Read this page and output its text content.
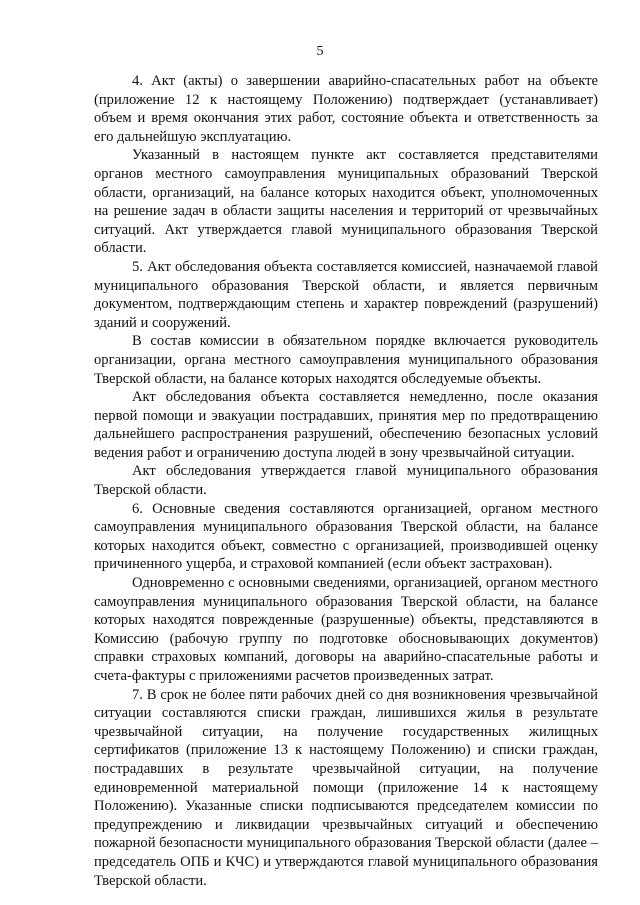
5

4. Акт (акты) о завершении аварийно-спасательных работ на объекте (приложение 12 к настоящему Положению) подтверждает (устанавливает) объем и время окончания этих работ, состояние объекта и ответственность за его дальнейшую эксплуатацию.

Указанный в настоящем пункте акт составляется представителями органов местного самоуправления муниципальных образований Тверской области, организаций, на балансе которых находится объект, уполномоченных на решение задач в области защиты населения и территорий от чрезвычайных ситуаций. Акт утверждается главой муниципального образования Тверской области.

5. Акт обследования объекта составляется комиссией, назначаемой главой муниципального образования Тверской области, и является первичным документом, подтверждающим степень и характер повреждений (разрушений) зданий и сооружений.

В состав комиссии в обязательном порядке включается руководитель организации, органа местного самоуправления муниципального образования Тверской области, на балансе которых находятся обследуемые объекты.

Акт обследования объекта составляется немедленно, после оказания первой помощи и эвакуации пострадавших, принятия мер по предотвращению дальнейшего распространения разрушений, обеспечению безопасных условий ведения работ и ограничению доступа людей в зону чрезвычайной ситуации.

Акт обследования утверждается главой муниципального образования Тверской области.

6. Основные сведения составляются организацией, органом местного самоуправления муниципального образования Тверской области, на балансе которых находится объект, совместно с организацией, производившей оценку причиненного ущерба, и страховой компанией (если объект застрахован).

Одновременно с основными сведениями, организацией, органом местного самоуправления муниципального образования Тверской области, на балансе которых находятся поврежденные (разрушенные) объекты, представляются в Комиссию (рабочую группу по подготовке обосновывающих документов) справки страховых компаний, договоры на аварийно-спасательные работы и счета-фактуры с приложениями расчетов произведенных затрат.

7. В срок не более пяти рабочих дней со дня возникновения чрезвычайной ситуации составляются списки граждан, лишившихся жилья в результате чрезвычайной ситуации, на получение государственных жилищных сертификатов (приложение 13 к настоящему Положению) и списки граждан, пострадавших в результате чрезвычайной ситуации, на получение единовременной материальной помощи (приложение 14 к настоящему Положению). Указанные списки подписываются председателем комиссии по предупреждению и ликвидации чрезвычайных ситуаций и обеспечению пожарной безопасности муниципального образования Тверской области (далее – председатель ОПБ и КЧС) и утверждаются главой муниципального образования Тверской области.
